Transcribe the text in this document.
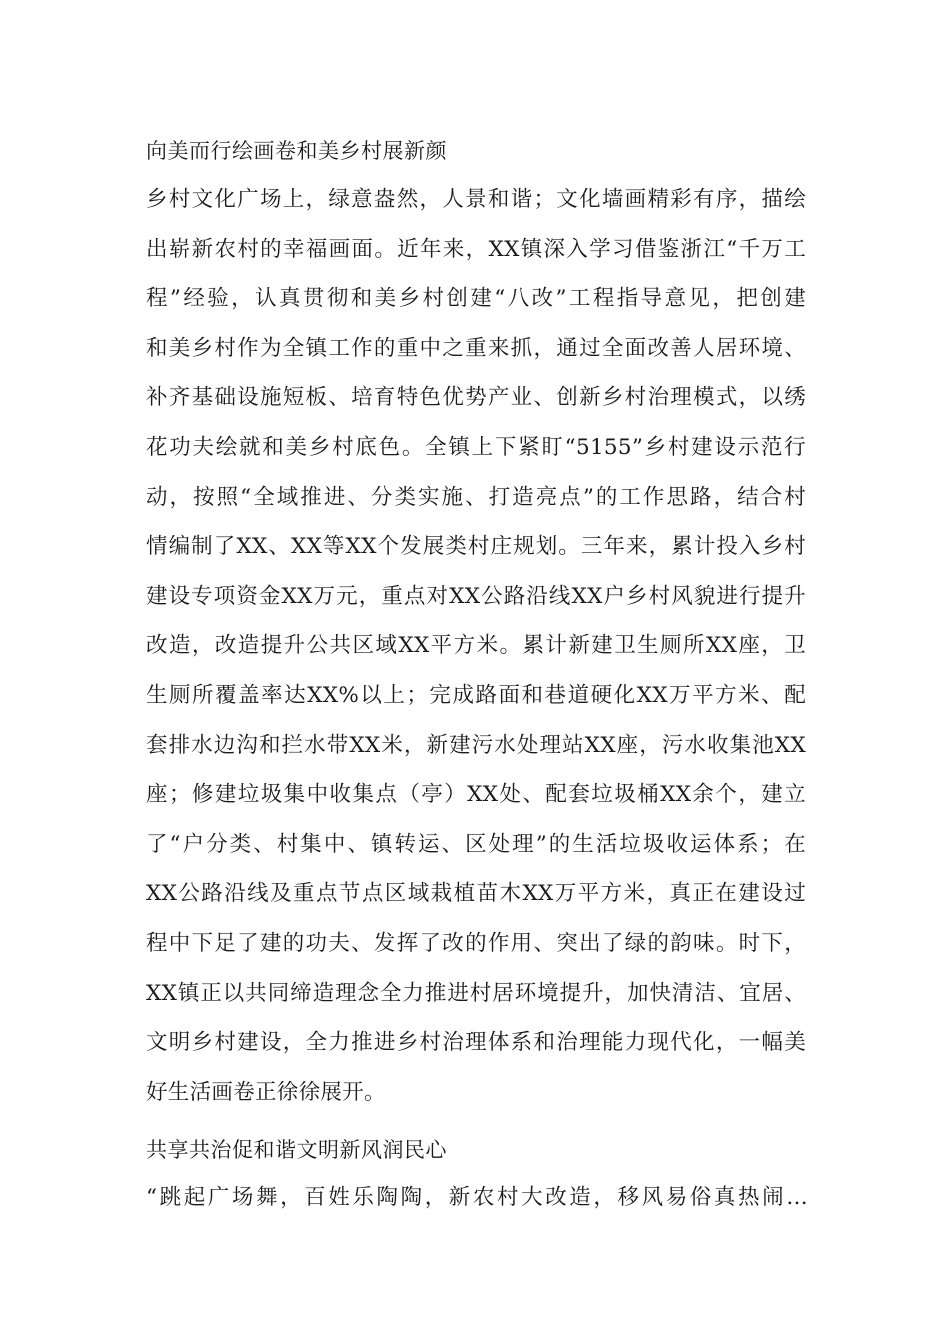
向美而行绘画卷和美乡村展新颜
乡村文化广场上，绿意盎然，人景和谐；文化墙画精彩有序，描绘
出崭新农村的幸福画面。近年来，XX镇深入学习借鉴浙江“千万工
程”经验，认真贯彻和美乡村创建“八改”工程指导意见，把创建
和美乡村作为全镇工作的重中之重来抓，通过全面改善人居环境、
补齐基础设施短板、培育特色优势产业、创新乡村治理模式，以绣
花功夫绘就和美乡村底色。全镇上下紧盯“5155”乡村建设示范行
动，按照“全域推进、分类实施、打造亮点”的工作思路，结合村
情编制了XX、XX等XX个发展类村庄规划。三年来，累计投入乡村
建设专项资金XX万元，重点对XX公路沿线XX户乡村风貌进行提升
改造，改造提升公共区域XX平方米。累计新建卫生厕所XX座，卫
生厕所覆盖率达XX%以上；完成路面和巷道硬化XX万平方米、配
套排水边沟和拦水带XX米，新建污水处理站XX座，污水收集池XX
座；修建垃圾集中收集点（亭）XX处、配套垃圾桶XX余个，建立
了“户分类、村集中、镇转运、区处理”的生活垃圾收运体系；在
XX公路沿线及重点节点区域栽植苗木XX万平方米，真正在建设过
程中下足了建的功夫、发挥了改的作用、突出了绿的韵味。时下，
XX镇正以共同缔造理念全力推进村居环境提升，加快清洁、宜居、
文明乡村建设，全力推进乡村治理体系和治理能力现代化，一幅美
好生活画卷正徐徐展开。
共享共治促和谐文明新风润民心
“跳起广场舞，百姓乐陶陶，新农村大改造，移风易俗真热闹…
